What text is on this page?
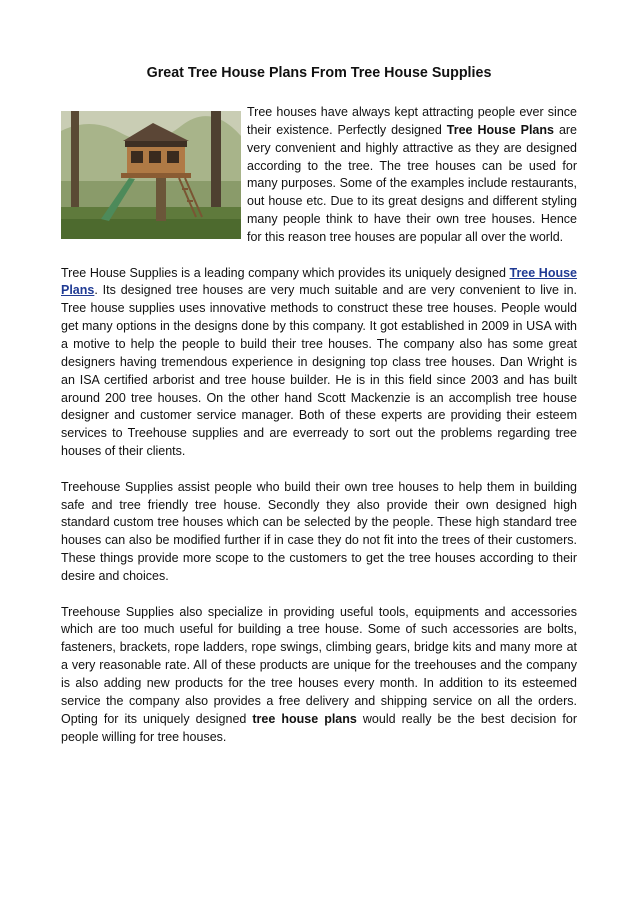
Great Tree House Plans From Tree House Supplies

Tree houses have always kept attracting people ever since their existence. Perfectly designed Tree House Plans are very convenient and highly attractive as they are designed according to the tree. The tree houses can be used for many purposes. Some of the examples include restaurants, out house etc. Due to its great designs and different styling many people think to have their own tree houses. Hence for this reason tree houses are popular all over the world.

Tree House Supplies is a leading company which provides its uniquely designed Tree House Plans. Its designed tree houses are very much suitable and are very convenient to live in. Tree house supplies uses innovative methods to construct these tree houses. People would get many options in the designs done by this company. It got established in 2009 in USA with a motive to help the people to build their tree houses. The company also has some great designers having tremendous experience in designing top class tree houses. Dan Wright is an ISA certified arborist and tree house builder. He is in this field since 2003 and has built around 200 tree houses. On the other hand Scott Mackenzie is an accomplish tree house designer and customer service manager. Both of these experts are providing their esteem services to Treehouse supplies and are everready to sort out the problems regarding tree houses of their clients.

Treehouse Supplies assist people who build their own tree houses to help them in building safe and tree friendly tree house. Secondly they also provide their own designed high standard custom tree houses which can be selected by the people. These high standard tree houses can also be modified further if in case they do not fit into the trees of their customers. These things provide more scope to the customers to get the tree houses according to their desire and choices.

Treehouse Supplies also specialize in providing useful tools, equipments and accessories which are too much useful for building a tree house. Some of such accessories are bolts, fasteners, brackets, rope ladders, rope swings, climbing gears, bridge kits and many more at a very reasonable rate. All of these products are unique for the treehouses and the company is also adding new products for the tree houses every month. In addition to its esteemed service the company also provides a free delivery and shipping service on all the orders. Opting for its uniquely designed tree house plans would really be the best decision for people willing for tree houses.
